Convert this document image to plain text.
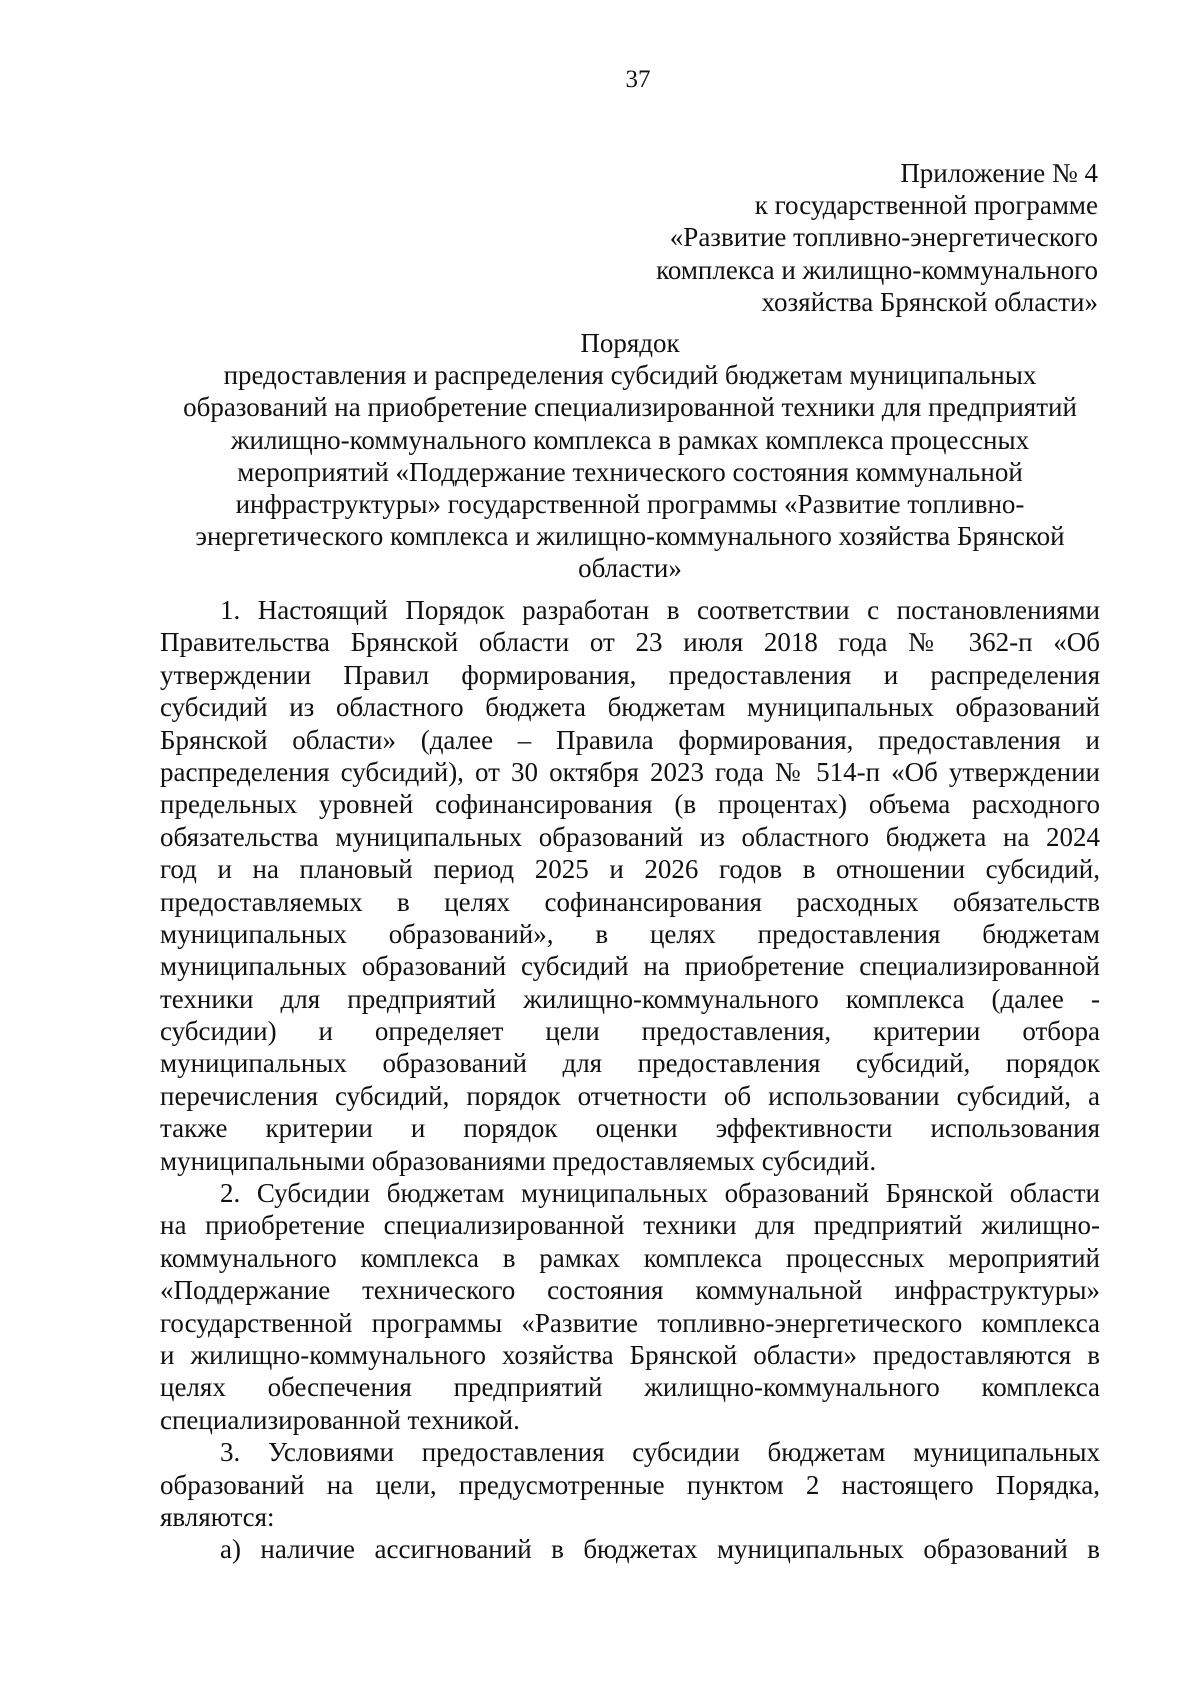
37
Приложение № 4
к государственной программе
«Развитие топливно-энергетического
комплекса и жилищно-коммунального
хозяйства Брянской области»
Порядок
предоставления и распределения субсидий бюджетам муниципальных
образований на приобретение специализированной техники для предприятий
жилищно-коммунального комплекса в рамках комплекса процессных
мероприятий «Поддержание технического состояния коммунальной
инфраструктуры» государственной программы «Развитие топливно-
энергетического комплекса и жилищно-коммунального хозяйства Брянской
области»
1. Настоящий Порядок разработан в соответствии с постановлениями
Правительства Брянской области от 23 июля 2018 года № 362-п «Об
утверждении Правил формирования, предоставления и распределения
субсидий из областного бюджета бюджетам муниципальных образований
Брянской области» (далее – Правила формирования, предоставления и
распределения субсидий), от 30 октября 2023 года № 514-п «Об утверждении
предельных уровней софинансирования (в процентах) объема расходного
обязательства муниципальных образований из областного бюджета на 2024
год и на плановый период 2025 и 2026 годов в отношении субсидий,
предоставляемых в целях софинансирования расходных обязательств
муниципальных образований», в целях предоставления бюджетам
муниципальных образований субсидий на приобретение специализированной
техники для предприятий жилищно-коммунального комплекса (далее -
субсидии) и определяет цели предоставления, критерии отбора
муниципальных образований для предоставления субсидий, порядок
перечисления субсидий, порядок отчетности об использовании субсидий, а
также критерии и порядок оценки эффективности использования
муниципальными образованиями предоставляемых субсидий.
2. Субсидии бюджетам муниципальных образований Брянской области
на приобретение специализированной техники для предприятий жилищно-
коммунального комплекса в рамках комплекса процессных мероприятий
«Поддержание технического состояния коммунальной инфраструктуры»
государственной программы «Развитие топливно-энергетического комплекса
и жилищно-коммунального хозяйства Брянской области» предоставляются в
целях обеспечения предприятий жилищно-коммунального комплекса
специализированной техникой.
3. Условиями предоставления субсидии бюджетам муниципальных
образований на цели, предусмотренные пунктом 2 настоящего Порядка,
являются:
а) наличие ассигнований в бюджетах муниципальных образований в
